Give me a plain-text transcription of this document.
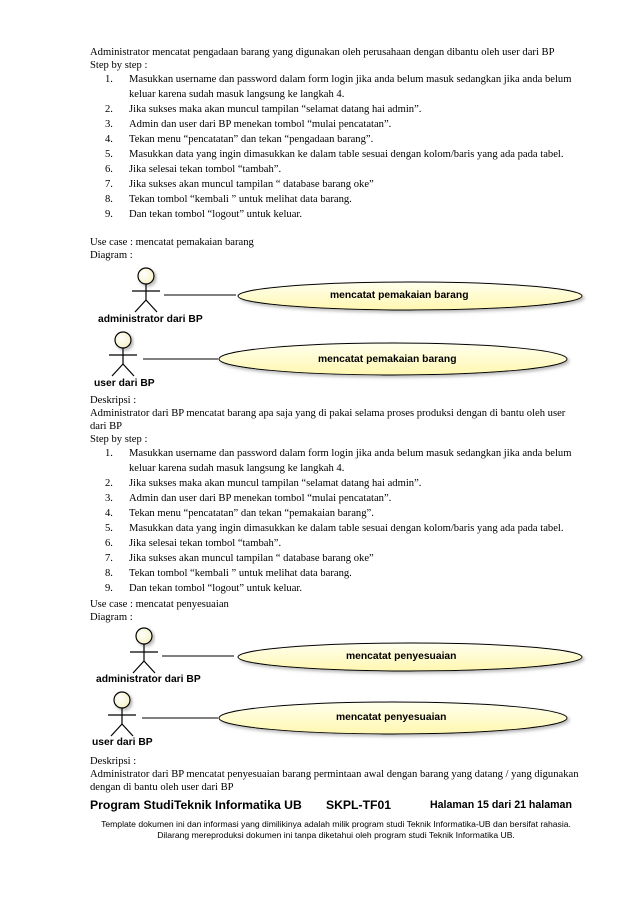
Administrator mencatat pengadaan barang yang digunakan oleh perusahaan dengan dibantu oleh user dari BP
Step by step :
1. Masukkan username dan password dalam form login jika anda belum masuk sedangkan jika anda belum keluar karena sudah masuk langsung ke langkah 4.
2. Jika sukses maka akan muncul tampilan “selamat datang hai admin”.
3. Admin dan user dari BP menekan tombol “mulai pencatatan”.
4. Tekan menu “pencatatan” dan tekan “pengadaan barang”.
5. Masukkan data yang ingin dimasukkan ke dalam table sesuai dengan kolom/baris yang ada pada tabel.
6. Jika selesai tekan tombol “tambah”.
7. Jika sukses akan muncul tampilan “ database barang oke”
8. Tekan tombol “kembali ” untuk melihat data barang.
9. Dan tekan tombol “logout” untuk keluar.
Use case : mencatat pemakaian barang
Diagram :
administrator dari BP
mencatat pemakaian barang
user dari BP
mencatat pemakaian barang
Deskripsi :
Administrator dari BP mencatat barang apa saja yang di pakai selama proses produksi dengan di bantu oleh user dari BP
Step by step :
1. Masukkan username dan password dalam form login jika anda belum masuk sedangkan jika anda belum keluar karena sudah masuk langsung ke langkah 4.
2. Jika sukses maka akan muncul tampilan “selamat datang hai admin”.
3. Admin dan user dari BP menekan tombol “mulai pencatatan”.
4. Tekan menu “pencatatan” dan tekan “pemakaian barang”.
5. Masukkan data yang ingin dimasukkan ke dalam table sesuai dengan kolom/baris yang ada pada tabel.
6. Jika selesai tekan tombol “tambah”.
7. Jika sukses akan muncul tampilan “ database barang oke”
8. Tekan tombol “kembali ” untuk melihat data barang.
9. Dan tekan tombol “logout” untuk keluar.
Use case : mencatat penyesuaian
Diagram :
administrator dari BP
mencatat penyesuaian
user dari BP
mencatat penyesuaian
Deskripsi :
Administrator dari BP mencatat penyesuaian barang permintaan awal dengan barang yang datang / yang digunakan dengan di bantu oleh user dari BP
Program StudiTeknik Informatika UB SKPL-TF01	Halaman 15 dari 21 halaman
Template dokumen ini dan informasi yang dimilikinya adalah milik program studi Teknik Informatika-UB dan bersifat rahasia.
Dilarang mereproduksi dokumen ini tanpa diketahui oleh program studi Teknik Informatika UB.
